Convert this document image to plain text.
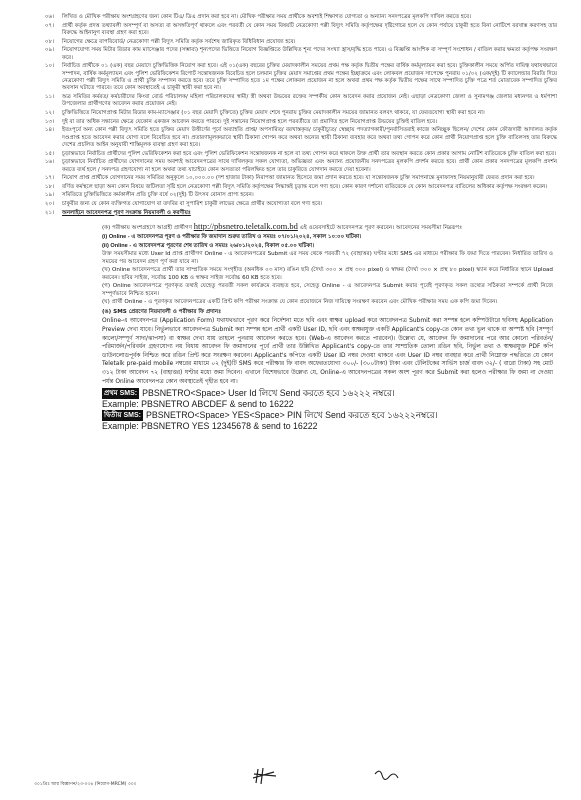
০৬।	লিখিত ও মৌখিক পরীক্ষায় অংশগ্রহণের জন্য কোন টিএ/ ডিএ প্রদান করা হবে না। মৌখিক পরীক্ষার সময় প্রার্থীকে অবশ্যই শিক্ষাগত যোগ্যতা ও অন্যান্য সনদপত্রের মূলকপি দাখিল করতে হবে।
০৭।	প্রার্থী কর্তৃক প্রদত্ত তথ্যাবলী অসম্পূর্ণ বা অসত্য বা অসঙ্গতিপূর্ণ থাকলে এবং পরবর্তী যে কোন সময় বিষয়টি নেত্রকোণা পল্লী বিদ্যুৎ সমিতি কর্তৃপক্ষের দৃষ্টিগোচর হলে যে কোন পর্যায়ে চাকুরী হতে বিনা নোটিশে বরখাস্ত করণসহ তার বিরুদ্ধে আইনানুগ ব্যবস্থা গ্রহণ করা হবে।
০৮।	নিয়োগের ক্ষেত্রে বাপবিবোর্ড/ নেত্রকোণা পল্লী বিদ্যুৎ সমিতি কর্তৃক সর্বশেষ জারিকৃত বিধিবিধান প্রযোজ্য হবে।
০৯।	নিয়োগযোগ্য সময় মিটার রিডার কাম ম্যাসেঞ্জার পদের (সম্ভাব্য) শূন্যপদের ভিত্তিতে নিয়োগ বিজ্ঞপ্তিতে উল্লিখিত শূন্য পদের সংখ্যা হ্রাস/বৃদ্ধি হতে পারে। এ বিজ্ঞপ্তি আংশিক বা সম্পূর্ণ সংশোধন / বাতিল করার ক্ষমতা কর্তৃপক্ষ সংরক্ষণ করে।
১০।	নির্বাচিত প্রার্থীকে ০১ (এক) বছর মেয়াদে চুক্তিভিত্তিক নিয়োগ করা হবে। এই ০১(এক) বছরের চুক্তির মেয়াদকালীন সময়ের প্রথম পক্ষ কর্তৃক দ্বিতীয় পক্ষের বার্ষিক কর্মমূল্যায়ন করা হবে। চুক্তিকালীন সময়ে অর্পিত দায়িত্ব যথাযথভাবে সম্পাদন, বার্ষিক কর্মমূল্যায়ন এবং পুলিশ ভেরিফিকেশন রিপোর্ট সন্তোষজনক বিবেচিত হলে চলমান চুক্তির মেয়াদ সমাপ্তের প্রথম পক্ষের ইচ্ছাক্রমে এবং লোকবল প্রয়োজন সাপেক্ষে পুনরায় ০১/০২ (এক/দুই) টি ক্যালেন্ডার বিরতি দিয়ে নেত্রকোণা পল্লী বিদ্যুৎ সমিতি ও প্রার্থী চুক্তি সম্পাদন করতে হবে। তবে চুক্তি সম্পাদিত হতে ১ম পক্ষের লোকবল প্রয়োজন না হলে অথবা প্রথম পক্ষ কর্তৃক দ্বিতীয় পক্ষের সাথে সম্পাদিত চুক্তি পত্রে শর্ত মোতাবেক সম্পাদিত চুক্তির অবসান ঘটাতে পারবে। তবে কোন অবস্থাতেই এ চাকুরী স্থায়ী করা হবে না।
১১।	অত্র সমিতির কর্মরত/ কর্মচারীদের কিংবা বোর্ড পরিচালক/ মহিলা পরিচালকদের স্বামী/ স্ত্রী অথবা উভয়ের রক্তের সম্পর্কীয় কোন আবেদন করার প্রয়োজন নেই। এছাড়া নেত্রকোণা জেলা ও সুনামগঞ্জ জেলার মধ্যনগর ও ধর্মপাশা উপজেলার প্রার্থীগণের আবেদন করার প্রয়োজন নেই।
১২।	চুক্তিভিত্তিতে নিয়োগপ্রাপ্ত মিটার রিডার কাম-ম্যাসেঞ্জার (০১ বছর মেয়াদি চুক্তিতে) চুক্তির মেয়াদ শেষে পুনরায় চুক্তির মেয়াদকালীন সময়ের জামানত বলবৎ থাকবে, যা ফেরতযোগ্য স্থায়ী করা হবে না।
১৩।	দুই বা তার অধিক সন্তানের ক্ষেত্রে যেকোন একজন আবেদন করতে পারবে। দুই সন্তানের নিয়োগপ্রাপ্ত হলে পরবর্তীতে তা প্রমাণিত হলে নিয়োগপ্রাপ্ত উভয়ের চুক্তিই বাতিল হবে।
১৪।	ইতঃপূর্বে অন্য কোন পল্লী বিদ্যুৎ সমিতি হতে চুক্তির মেয়াদ উত্তীর্ণের পূর্বে অব্যাহতি প্রাপ্ত/ অপসারিত/ বরখাস্তকৃত/ চাকুরীচ্যুত/ স্বেচ্ছায় পদত্যাগকারী/পুনর্বাসিতরাই কাজে অনিচ্ছুক ছিলেন/ দেশের কোন ফৌজদারী আদালত কর্তৃক দণ্ডপ্রাপ্ত হতে আবেদন করার যোগ্য বলে বিবেচিত হবে না। প্রতারণামূলকভাবে স্থায়ী ঠিকানা গোপন করে অথবা অন্যের স্থায়ী ঠিকানা ব্যবহার করে অথবা তথ্য গোপন করে কোন প্রার্থী নিয়োগপ্রাপ্ত হলে চুক্তি বাতিলসহ তার বিরুদ্ধে দেশের প্রচলিত আইন অনুযায়ী শাস্তিমূলক ব্যবস্থা গ্রহণ করা হবে।
১৫।	চূড়ান্তভাবে নির্বাচিত প্রার্থীদের পুলিশ ভেরিফিকেশন করা হবে এবং পুলিশ ভেরিফিকেশন সন্তোষজনক না হলে বা তথ্য গোপন করে থাকলে উক্ত প্রার্থী তার অবস্থান করতে কোন প্রকার আগাম নোটিশ ব্যতিরেকে চুক্তি বাতিল করা হবে।
১৬।	চূড়ান্তভাবে নির্বাচিত প্রার্থীদের যোগদানের সময় অবশ্যই আবেদনপত্রের সাথে দাখিলকৃত সকল যোগ্যতা, অভিজ্ঞতা এবং অন্যান্য প্রয়োজনীয় সনদপত্রের মূলকপি প্রদর্শন করতে হবে। প্রার্থী কোন প্রকার সনদপত্রের মূলকপি প্রদর্শন করতে ব্যর্থ হলে / সনদপত্র গ্রহণযোগ্য না হলে অথবা তথ্য যাচাইয়ে কোন অসত্যতা পরিলক্ষিত হলে তার চাকুরিতে যোগদান করতে দেয়া হবেনা।
১৭।	নিয়োগ প্রাপ্ত প্রার্থীকে যোগদানের সময় সমিতির অনুকূলে ১০,০০০.০০ (দশ হাজার টাকা) নিরাপত্তা জামানত হিসেবে জমা প্রদান করতে হবে। যা সন্তোষজনক চুক্তি সমাপনান্তে মুনাফাসহ নিয়মানুযায়ী ফেরত প্রদান করা হবে।
১৮।	বর্ণিত কর্মস্থলে ছাড়া অন্য কোন বিষয়ে জটিলতা সৃষ্টি হলে নেত্রকোণা পল্লী বিদ্যুৎ সমিতি কর্তৃপক্ষের সিদ্ধান্তই চূড়ান্ত বলে গণ্য হবে। কোন কারণ দর্শানো ব্যতিরেকে যে কোন আবেদনপত্র বাতিলের অধিকার কর্তৃপক্ষ সংরক্ষণ করেন।
১৯।	সমিতিতে চুক্তিভিত্তিতে কর্মকালীন প্রতি চুক্তি বর্ষে ০২(দুই) টি উৎসব বোনাস প্রাপ্য হবেন।
২০।	চাকুরীর জন্য যে কোন ব্যক্তিগত যোগাযোগ বা তদবির বা সুপারিশ চাকুরী লাভের ক্ষেত্রে প্রার্থীর অযোগ্যতা বলে গণ্য হবে।
২১।	অনলাইনে আবেদনপত্র পূরণ সংক্রান্ত নিয়মাবলী ও করণীয়ঃ

(ক) পরীক্ষায় অংশগ্রহণে আগ্রহী প্রার্থীগণ http://pbsnetro.teletalk.com.bd এই ওয়েবসাইটে আবেদনপত্র পূরণ করবেন। আবেদনের সময়সীমা নিম্নরূপঃ

(i) Online - এ আবেদনপত্র পূরণ ও পরীক্ষার ফি জমাদান শুরুর তারিখ ও সময়ঃ ০৭/০১/২০২৪, সকাল ১০:০০ ঘটিকা।

(ii) Online - এ আবেদনপত্র পূরণের শেষ তারিখ ও সময়ঃ ২৬/০১/২০২৪, বিকাল ০৫.০০ ঘটিকা।

উক্ত সময়সীমার মধ্যে User Id প্রাপ্ত প্রার্থীগণ Online - এ আবেদনপত্রের Submit এর সময় থেকে পরবর্তী ৭২ (বাহাত্তর) ঘণ্টার মধ্যে SMS এর মাধ্যমে পরীক্ষার ফি জমা দিতে পারবেন। নির্ধারিত তারিখ ও সময়ের পর আবেদন গ্রহণ পূর্ণ করা যাবে না।

(খ) Online আবেদনপত্রে প্রার্থী তার সাম্প্রতিক সময়ে সংগৃহীত (অনধিক ০৩ মাস) রঙিন ছবি (দৈর্ঘ্য ৩০০ × প্রস্থ ৩০০ pixel) ও স্বাক্ষর (দৈর্ঘ্য ৩০০ × প্রস্থ ৮০ pixel) স্ক্যান করে নির্ধারিত স্থানে Upload করবেন। ছবির সাইজ, সর্বোচ্চ 100 KB ও স্বাক্ষর সাইজ সর্বোচ্চ 60 KB হতে হবে।

(গ) Online আবেদনপত্রে পূরণকৃত তথ্যই যেহেতু পরবর্তী সকল কার্যক্রমে ব্যবহৃত হবে, সেহেতু Online - এ আবেদনপত্র Submit করার পূর্বেই পূরণকৃত সকল তথ্যের সঠিকতা সম্পর্কে প্রার্থী নিজে সম্পূর্ণভাবে নিশ্চিত হবেন।

(ঘ) প্রার্থী Online - এ পূরণকৃত আবেদনপত্রের একটি প্রিন্ট কপি পরীক্ষা সংক্রান্ত যে কোন প্রয়োজনে নিজ দায়িত্বে সংরক্ষণ করবেন এবং মৌখিক পরীক্ষার সময় এক কপি জমা দিবেন।

(ঙ) SMS প্রেরণের নিয়মাবলী ও পরীক্ষার ফি প্রদানঃ

Online-এ আবেদনপত্র (Application Form) যথাযথভাবে পূরণ করে নির্দেশনা মতে ছবি এবং স্বাক্ষর upload করে আবেদনপত্র Submit করা সম্পন্ন হলে কম্পিউটারে ছবিসহ Application Preview দেখা যাবে। নির্ভুলভাবে আবেদনপত্র Submit করা সম্পন্ন হলে প্রার্থী একটি User ID, ছবি এবং স্বাক্ষরযুক্ত একটি Applicant's copy-তে কোন তথ্য ভুল থাকে বা অস্পষ্ট ছবি (সম্পূর্ণ কালো/সম্পূর্ণ সাদা/ঝাপসা) বা স্বাক্ষর দেখা যায় তাহলে পুনরায় আবেদন করতে হবে। (Web-এ আবেদন করতে পারবেন)। উল্লেখ্য যে, আবেদন ফি জমাদানের পরে আর কোনো পরিবর্তন/পরিমার্জন/পরিবর্ধন গ্রহণযোগ্য নয় বিধায় আবেদন ফি জমাদানের পূর্বে প্রার্থী তার উল্লিখিত Applicant's copy-তে তার সাম্প্রতিক তোলা রঙিন ছবি, নির্ভুল তথ্য ও স্বাক্ষরযুক্ত PDF কপি ডাউনলোডপূর্বক নিশ্চিত করে রঙিন প্রিন্ট করে সংরক্ষণ করবেন। Applicant's কপিতে একটি User ID নম্বর দেওয়া থাকবে এবং User ID নম্বর ব্যবহার করে প্রার্থী নিম্নোক্ত পদ্ধতিতে যে কোন Teletalk pre-paid mobile নম্বরের মাধ্যমে ০২ (দুই)টি SMS করে পরীক্ষার ফি বাবদ অফেরতযোগ্য ৩০০/- (৩০০টাকা) টাকা এবং টেলিটকের সার্ভিস চার্জ বাবদ ৩২/- ( বারো টাকা) সহ মোট ৩১২ টাকা আবেদন ৭২ (বাহাত্তর) ঘণ্টার মধ্যে জমা দিবেন। এখানে বিশেষভাবে উল্লেখ্য যে, Online-এ আবেদনপত্রের সকল অংশ পূরণ করে Submit করা হলেও পরীক্ষার ফি জমা না দেওয়া পর্যন্ত Online আবেদনপত্র কোন অবস্থাতেই গৃহীত হবে না।

প্রথম SMS: PBSNETRO<Space> User Id লিখে Send করতে হবে ১৬২২২ নম্বরে।
Example: PBSNETRO ABCDEF & send to 16222
দ্বিতীয় SMS: PBSNETRO<Space> YES<Space> PIN লিখে Send করতে হবে ১৬২২২নম্বরে।
Example: PBSNETRO YES 12345678 & send to 16222
৩০১প্রিঃ আর বিজ্ঞাপন/২৩-০৩৪ (নিয়োগ-MRCM) ৩০০
